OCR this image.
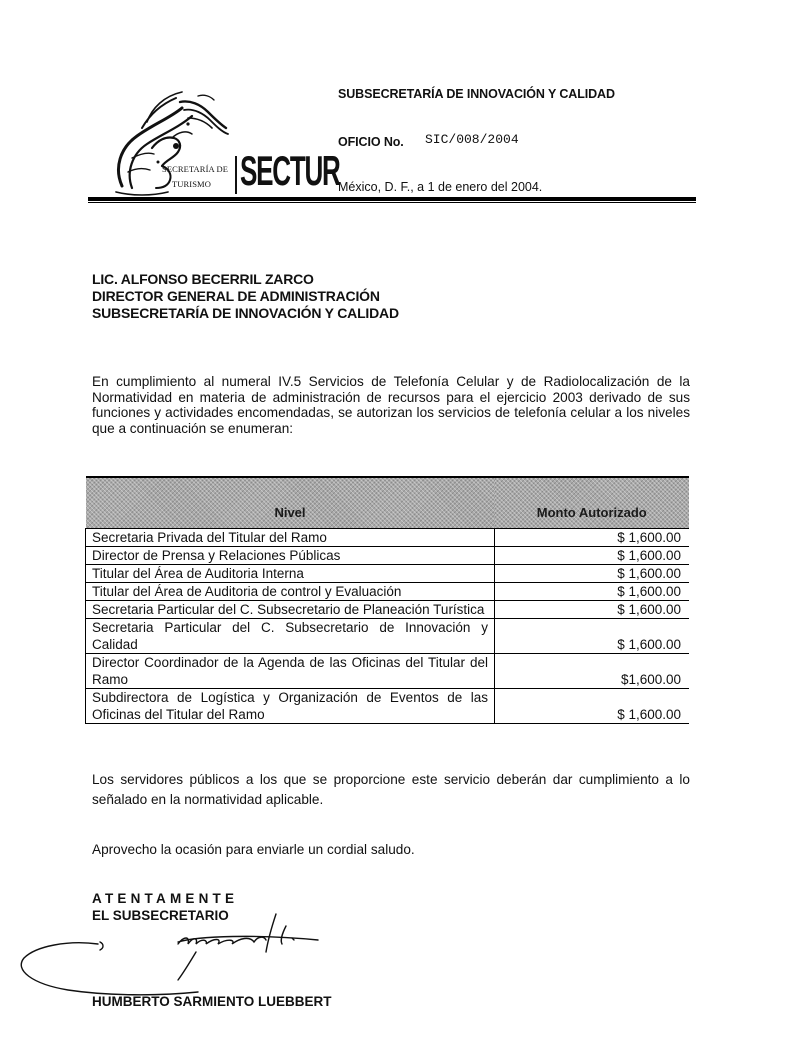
SECRETARÍA DE
TURISMO SECTUR
SUBSECRETARÍA DE INNOVACIÓN Y CALIDAD
OFICIO No. SIC/008/2004
México, D. F., a 1 de enero del 2004.
LIC. ALFONSO BECERRIL ZARCO
DIRECTOR GENERAL DE ADMINISTRACIÓN
SUBSECRETARÍA DE INNOVACIÓN Y CALIDAD
En cumplimiento al numeral IV.5 Servicios de Telefonía Celular y de Radiolocalización de la Normatividad en materia de administración de recursos para el ejercicio 2003 derivado de sus funciones y actividades encomendadas, se autorizan los servicios de telefonía celular a los niveles que a continuación se enumeran:
Nivel	Monto Autorizado
Secretaria Privada del Titular del Ramo	$ 1,600.00
Director de Prensa y Relaciones Públicas	$ 1,600.00
Titular del Área de Auditoria Interna	$ 1,600.00
Titular del Área de Auditoria de control y Evaluación	$ 1,600.00
Secretaria Particular del C. Subsecretario de Planeación Turística	$ 1,600.00
Secretaria Particular del C. Subsecretario de Innovación y Calidad	$ 1,600.00
Director Coordinador de la Agenda de las Oficinas del Titular del Ramo	$1,600.00
Subdirectora de Logística y Organización de Eventos de las Oficinas del Titular del Ramo	$ 1,600.00
Los servidores públicos a los que se proporcione este servicio deberán dar cumplimiento a lo señalado en la normatividad aplicable.
Aprovecho la ocasión para enviarle un cordial saludo.
ATENTAMENTE
EL SUBSECRETARIO
HUMBERTO SARMIENTO LUEBBERT
